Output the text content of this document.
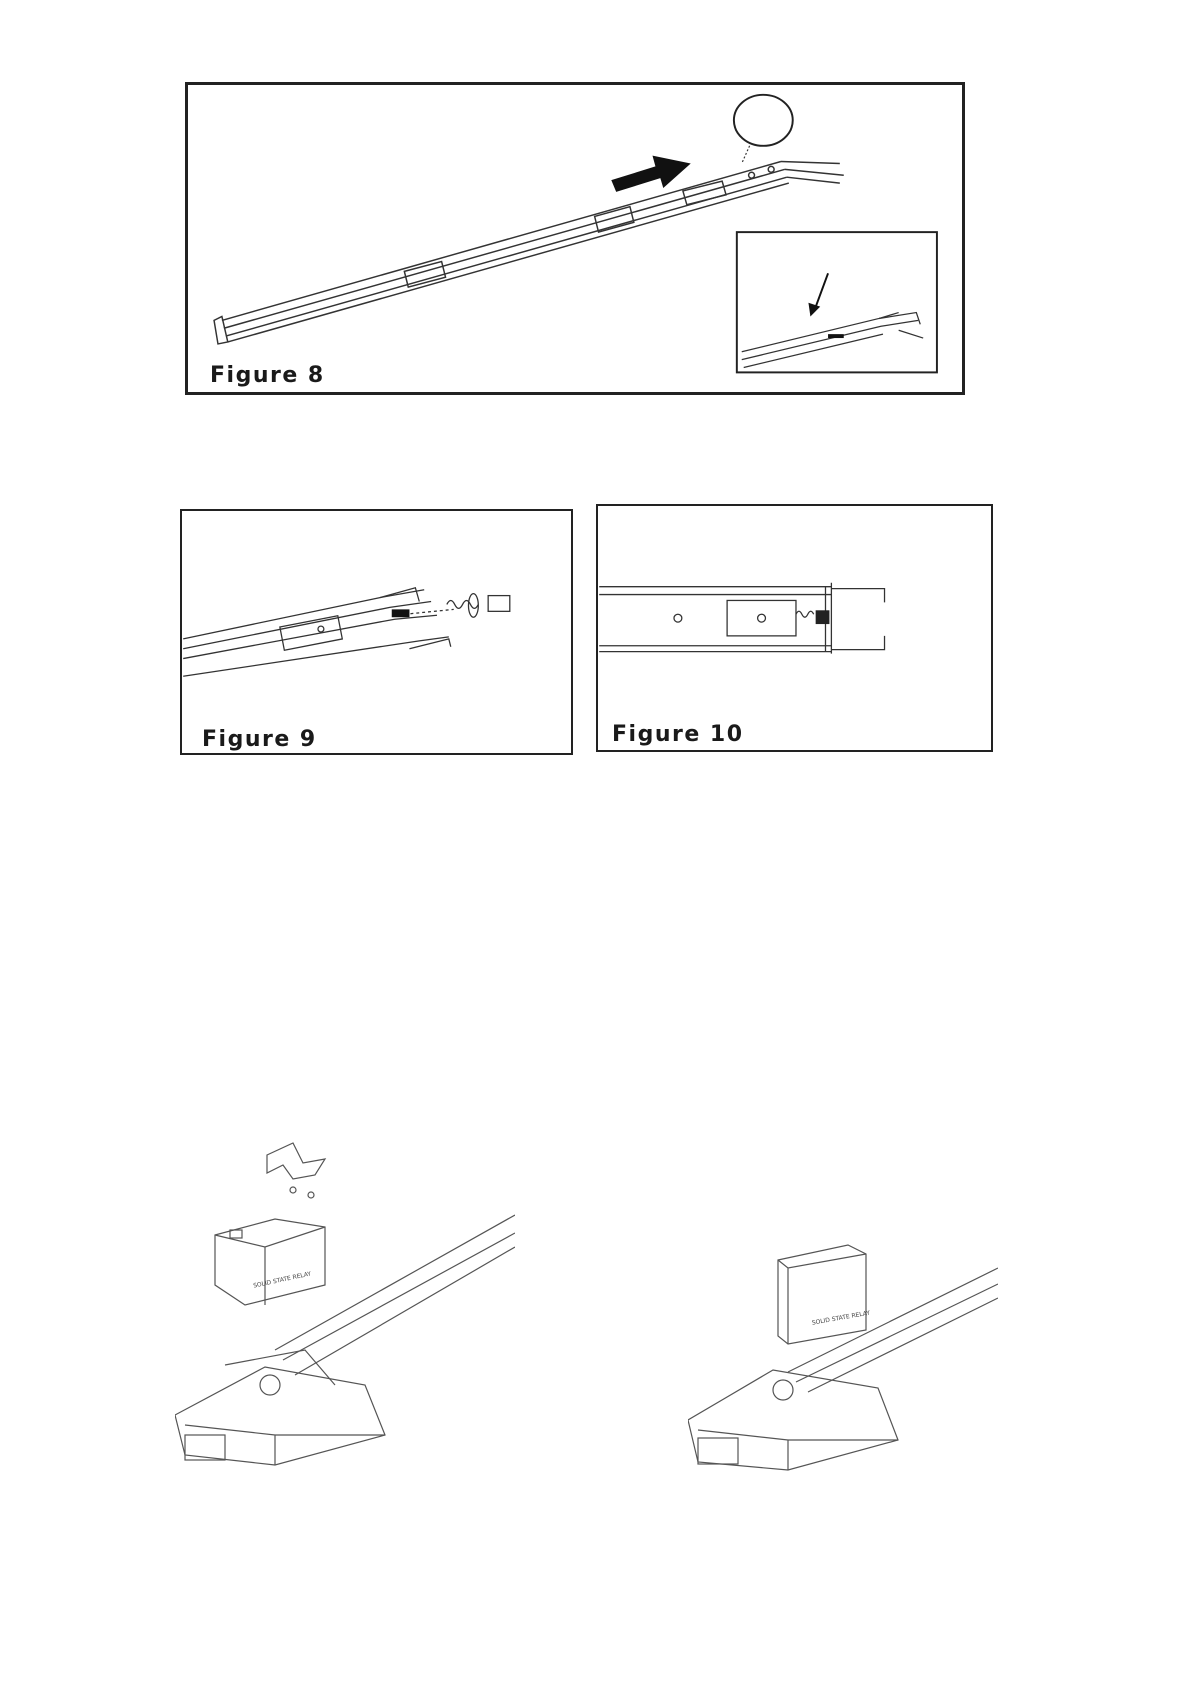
Figure 8
Figure 9	Figure 10
SOLID STATE RELAY
SOLID STATE RELAY
